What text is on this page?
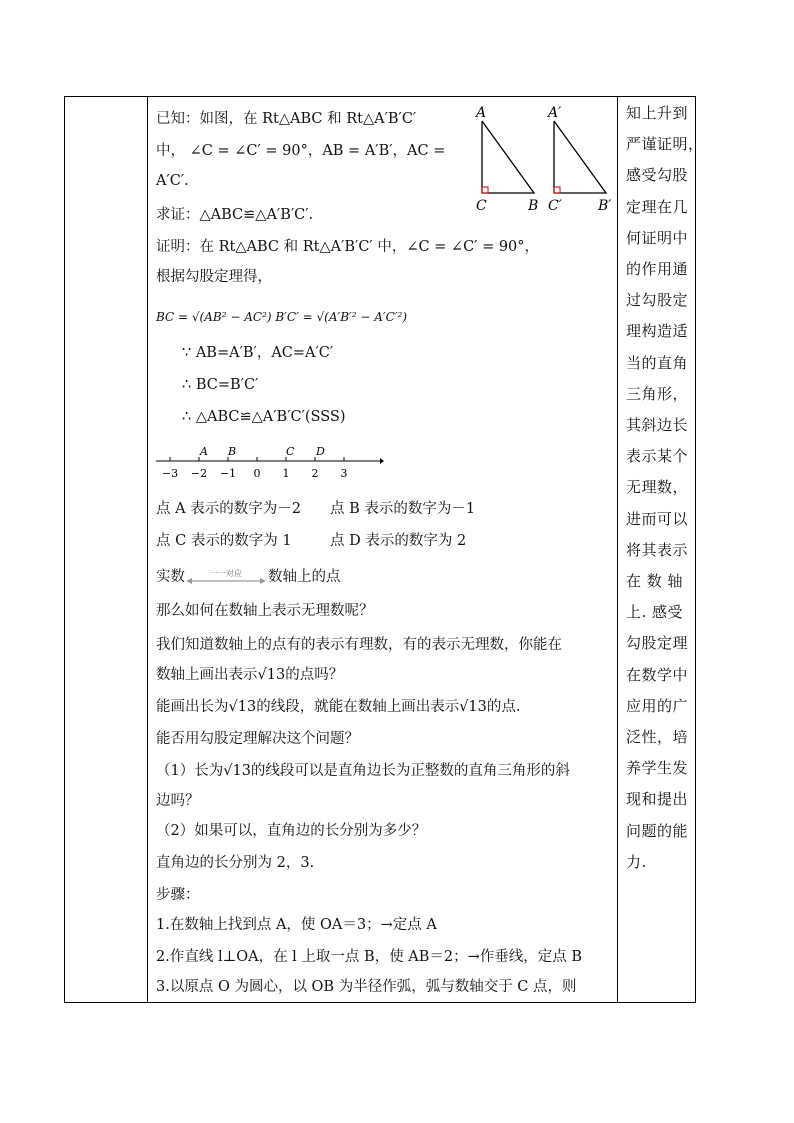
已知：如图，在 Rt△ABC 和 Rt△A′B′C′
中， ∠C = ∠C′ = 90°，AB = A′B′，AC =
A′C′.
A
C	B
A′
C′	B′
求证：△ABC≌△A′B′C′.
证明：在 Rt△ABC 和 Rt△A′B′C′ 中，∠C = ∠C′ = 90°，
根据勾股定理得，
BC = √(AB² − AC²) B′C′ = √(A′B′² − A′C′²)
∵ AB=A′B′，AC=A′C′
∴ BC=B′C′
∴ △ABC≌△A′B′C′(SSS)
−3 −2 −1 0 1 2 3
A B	C D
点 A 表示的数字为－2 点 B 表示的数字为－1
点 C 表示的数字为 1	点 D 表示的数字为 2
实数	一一对应 数轴上的点
那么如何在数轴上表示无理数呢？
我们知道数轴上的点有的表示有理数，有的表示无理数，你能在
数轴上画出表示√13的点吗？
能画出长为√13的线段，就能在数轴上画出表示√13的点.
能否用勾股定理解决这个问题？
（1）长为√13的线段可以是直角边长为正整数的直角三角形的斜
边吗？
（2）如果可以，直角边的长分别为多少？
直角边的长分别为 2，3.
步骤：
1.在数轴上找到点 A，使 OA＝3；→定点 A
2.作直线 l⊥OA，在 l 上取一点 B，使 AB＝2；→作垂线，定点 B
3.以原点 O 为圆心，以 OB 为半径作弧，弧与数轴交于 C 点，则
知上升到
严谨证明，
感受勾股
定理在几
何证明中
的作用通
过勾股定
理构造适
当的直角
三角形，
其斜边长
表示某个
无理数，
进而可以
将其表示
在 数 轴
上. 感受
勾股定理
在数学中
应用的广
泛性，培
养学生发
现和提出
问题的能
力.
